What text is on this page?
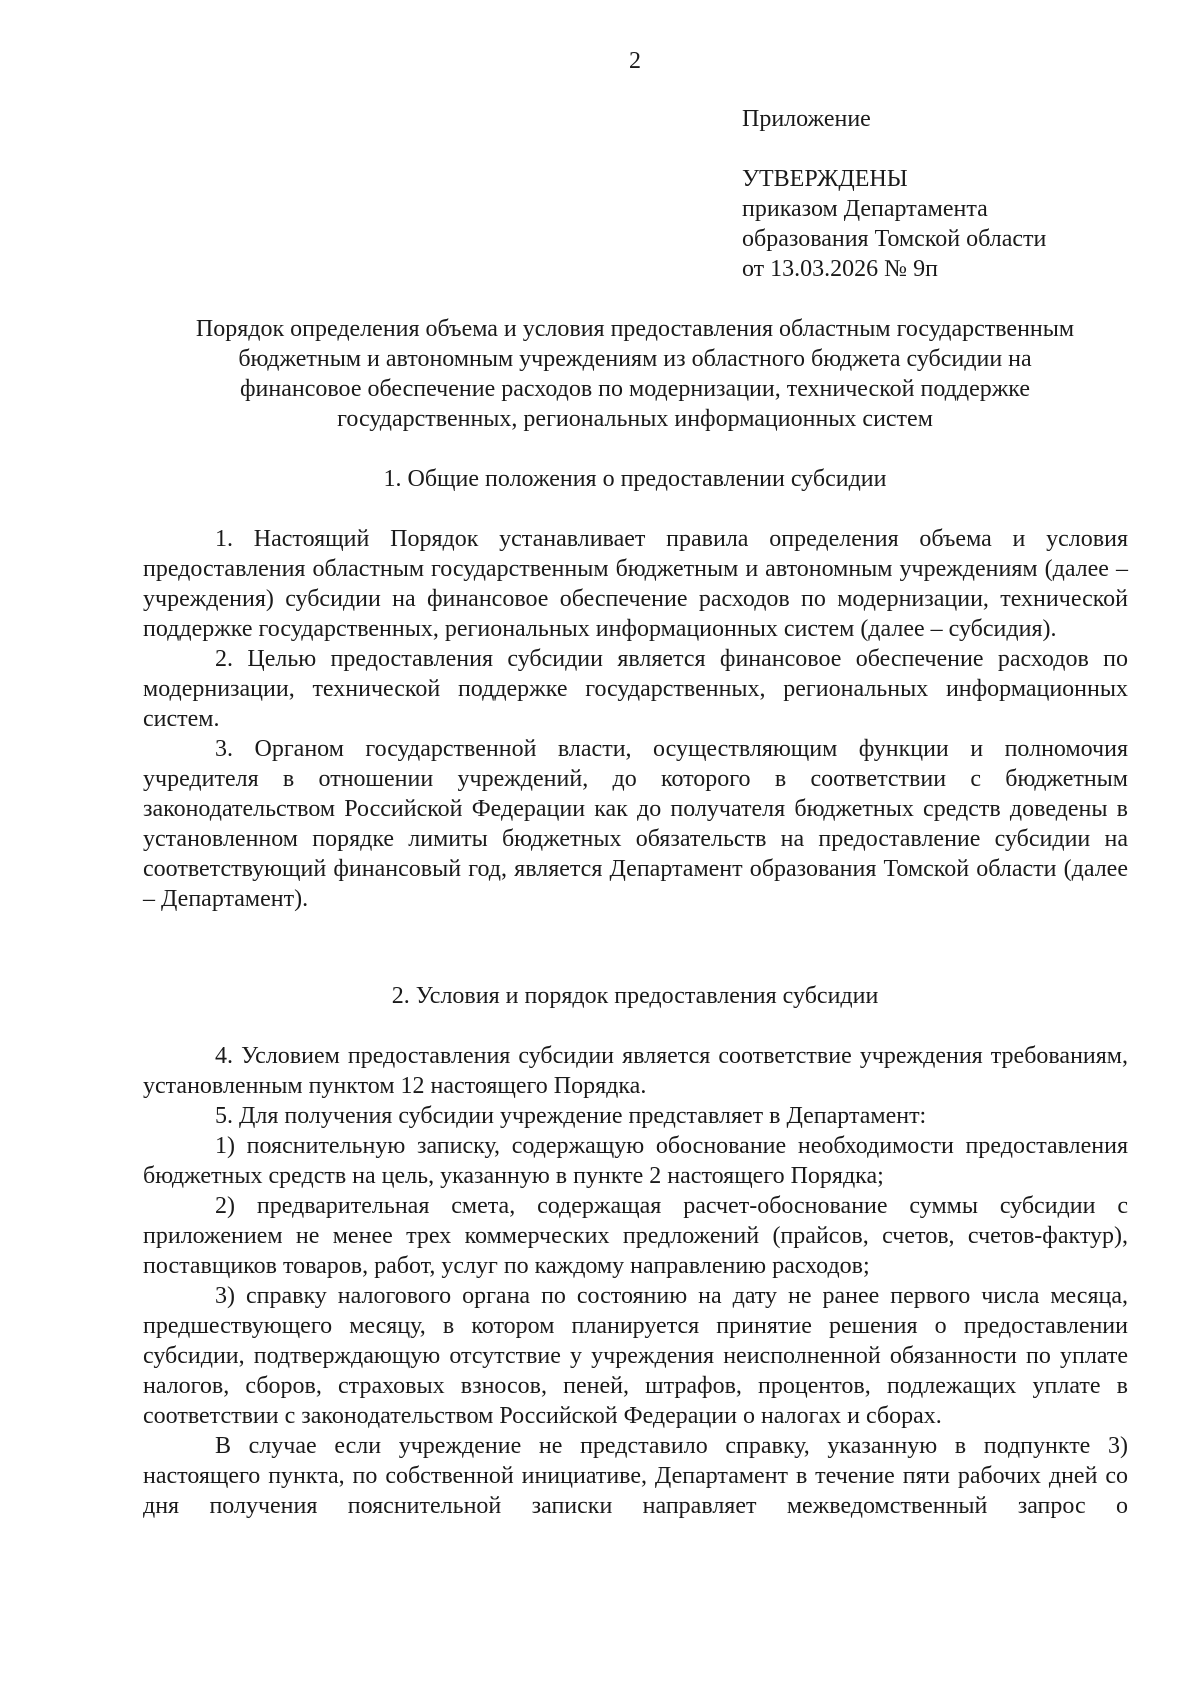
2
Приложение
УТВЕРЖДЕНЫ
приказом Департамента
образования Томской области
от 13.03.2026 № 9п
Порядок определения объема и условия предоставления областным государственным
бюджетным и автономным учреждениям из областного бюджета субсидии на
финансовое обеспечение расходов по модернизации, технической поддержке
государственных, региональных информационных систем
1. Общие положения о предоставлении субсидии

1. Настоящий Порядок устанавливает правила определения объема и условия предоставления областным государственным бюджетным и автономным учреждениям (далее – учреждения) субсидии на финансовое обеспечение расходов по модернизации, технической поддержке государственных, региональных информационных систем (далее – субсидия).

2. Целью предоставления субсидии является финансовое обеспечение расходов по модернизации, технической поддержке государственных, региональных информационных систем.

3. Органом государственной власти, осуществляющим функции и полномочия учредителя в отношении учреждений, до которого в соответствии с бюджетным законодательством Российской Федерации как до получателя бюджетных средств доведены в установленном порядке лимиты бюджетных обязательств на предоставление субсидии на соответствующий финансовый год, является Департамент образования Томской области (далее – Департамент).

2. Условия и порядок предоставления субсидии

4. Условием предоставления субсидии является соответствие учреждения требованиям, установленным пунктом 12 настоящего Порядка.

5. Для получения субсидии учреждение представляет в Департамент:

1) пояснительную записку, содержащую обоснование необходимости предоставления бюджетных средств на цель, указанную в пункте 2 настоящего Порядка;

2) предварительная смета, содержащая расчет-обоснование суммы субсидии с приложением не менее трех коммерческих предложений (прайсов, счетов, счетов-фактур), поставщиков товаров, работ, услуг по каждому направлению расходов;

3) справку налогового органа по состоянию на дату не ранее первого числа месяца, предшествующего месяцу, в котором планируется принятие решения о предоставлении субсидии, подтверждающую отсутствие у учреждения неисполненной обязанности по уплате налогов, сборов, страховых взносов, пеней, штрафов, процентов, подлежащих уплате в соответствии с законодательством Российской Федерации о налогах и сборах.

В случае если учреждение не представило справку, указанную в подпункте 3) настоящего пункта, по собственной инициативе, Департамент в течение пяти рабочих дней со дня получения пояснительной записки направляет межведомственный запрос о
